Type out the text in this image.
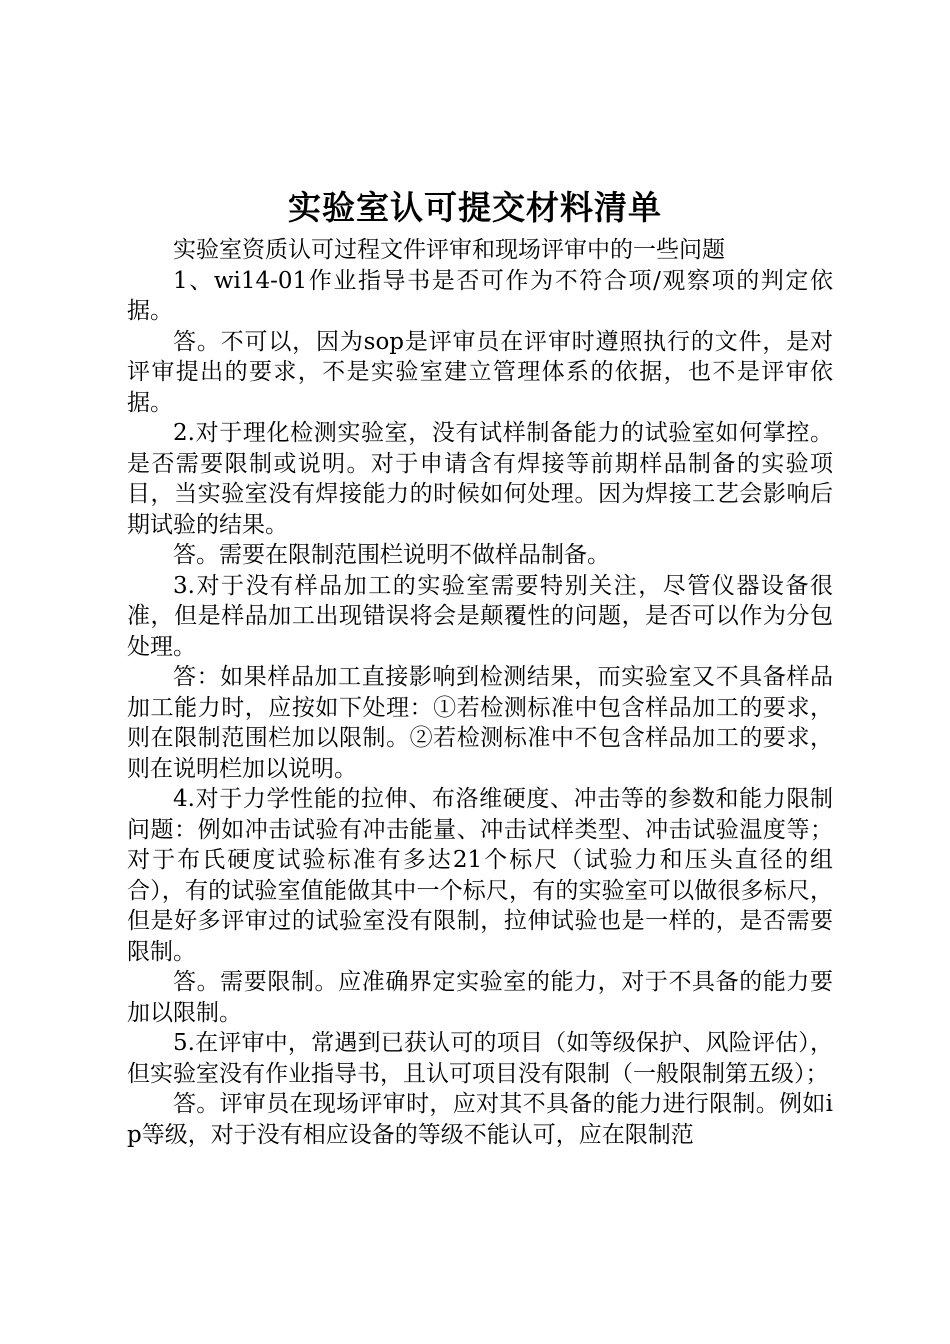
实验室认可提交材料清单

实验室资质认可过程文件评审和现场评审中的一些问题

1、wi14-01作业指导书是否可作为不符合项/观察项的判定依据。

答。不可以，因为sop是评审员在评审时遵照执行的文件，是对评审提出的要求，不是实验室建立管理体系的依据，也不是评审依据。

2.对于理化检测实验室，没有试样制备能力的试验室如何掌控。是否需要限制或说明。对于申请含有焊接等前期样品制备的实验项目，当实验室没有焊接能力的时候如何处理。因为焊接工艺会影响后期试验的结果。

答。需要在限制范围栏说明不做样品制备。

3.对于没有样品加工的实验室需要特别关注，尽管仪器设备很准，但是样品加工出现错误将会是颠覆性的问题，是否可以作为分包处理。

答：如果样品加工直接影响到检测结果，而实验室又不具备样品加工能力时，应按如下处理：①若检测标准中包含样品加工的要求，则在限制范围栏加以限制。②若检测标准中不包含样品加工的要求，则在说明栏加以说明。

4.对于力学性能的拉伸、布洛维硬度、冲击等的参数和能力限制问题：例如冲击试验有冲击能量、冲击试样类型、冲击试验温度等；对于布氏硬度试验标准有多达21个标尺（试验力和压头直径的组合），有的试验室值能做其中一个标尺，有的实验室可以做很多标尺，但是好多评审过的试验室没有限制，拉伸试验也是一样的，是否需要限制。

答。需要限制。应准确界定实验室的能力，对于不具备的能力要加以限制。

5.在评审中，常遇到已获认可的项目（如等级保护、风险评估），但实验室没有作业指导书，且认可项目没有限制（一般限制第五级）；

答。评审员在现场评审时，应对其不具备的能力进行限制。例如ip等级，对于没有相应设备的等级不能认可，应在限制范
